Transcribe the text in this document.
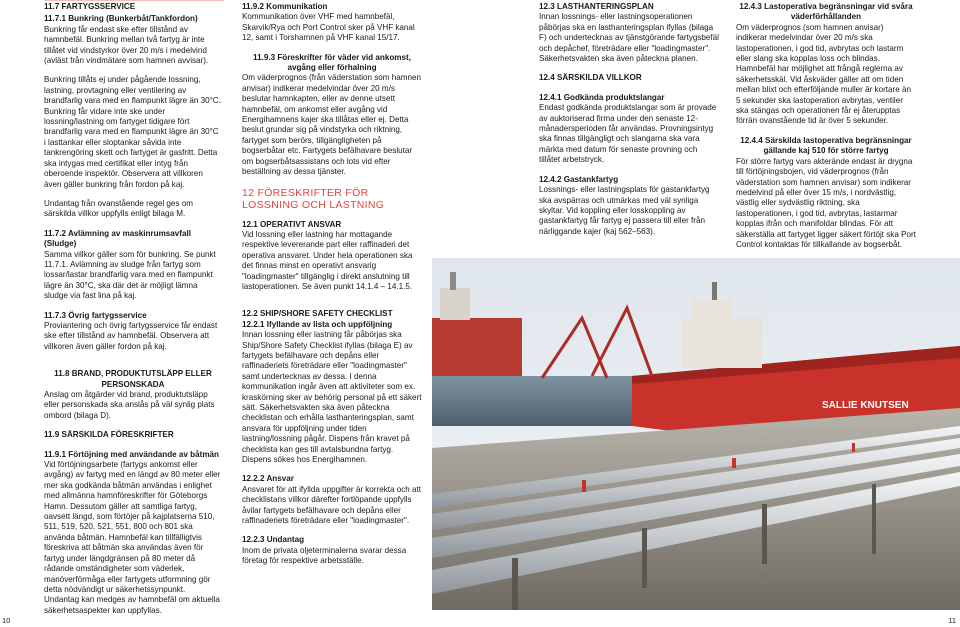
11.7 FARTYGSSERVICE

11.7.1 Bunkring (Bunkerbåt/Tankfordon)

Bunkring får endast ske efter tillstånd av hamnbefäl. Bunkring mellan två fartyg är inte tillåtet vid vindstyrkor över 20 m/s i medelvind (avläst från vindmätare som hamnen avvisar).

Bunkring tillåts ej under pågående lossning, lastning, provtagning eller ventilering av brandfarlig vara med en flampunkt lägre än 30°C. Bunkring får vidare inte ske under lossning/lastning om fartyget tidigare fört brandfarlig vara med en flampunkt lägre än 30°C i lasttankar eller sloptankar såvida inte tankrengöring skett och fartyget är gasfritt. Detta ska intygas med certifikat eller intyg från oberoende inspektör. Observera att villkoren även gäller bunkring från fordon på kaj.

Undantag från ovanstående regel ges om särskilda villkor uppfylls enligt bilaga M.

11.7.2 Avlämning av maskinrumsavfall (Sludge)

Samma villkor gäller som för bunkring. Se punkt 11.7.1. Avlämning av sludge från fartyg som lossar/lastar brandfarlig vara med en flampunkt lägre än 30°C, ska där det är möjligt lämna sludge via fast lina på kaj.

11.7.3 Övrig fartygsservice

Proviantering och övrig fartygsservice får endast ske efter tillstånd av hamnbefäl. Observera att villkoren även gäller fordon på kaj.

11.8 BRAND, PRODUKTUTSLÄPP ELLER PERSONSKADA

Anslag om åtgärder vid brand, produktutsläpp eller personskada ska anslås på väl synlig plats ombord (bilaga D).

11.9 SÄRSKILDA FÖRESKRIFTER

11.9.1 Förtöjning med användande av båtmän

Vid förtöjningsarbete (fartygs ankomst eller avgång) av fartyg med en längd av 80 meter eller mer ska godkända båtmän användas i enlighet med allmänna hamnföreskrifter för Göteborgs Hamn. Dessutom gäller att samtliga fartyg, oavsett längd, som förtöjer på kajplatserna 510, 511, 519, 520, 521, 551, 800 och 801 ska använda båtmän. Hamnbefäl kan tillfälligtvis föreskriva att båtmän ska användas även för fartyg under längdgränsen på 80 meter då rådande omständigheter som väderlek, manöverförmåga eller fartygets utformning gör detta nödvändigt ur säkerhetssynpunkt. Undantag kan medges av hamnbefäl om aktuella säkerhetsaspekter kan uppfyllas.

11.9.2 Kommunikation

Kommunikation över VHF med hamnbefäl, Skarvik/Rya och Port Control sker på VHF kanal 12, samt i Torshamnen på VHF kanal 15/17.

11.9.3 Föreskrifter för väder vid ankomst, avgång eller förhalning

Om väderprognos (från väderstation som hamnen anvisar) indikerar medelvindar över 20 m/s beslutar hamnkapten, eller av denne utsett hamnbefäl, om ankomst eller avgång vid Energihamnens kajer ska tillåtas eller ej. Detta beslut grundar sig på vindstyrka och riktning, fartyget som berörs, tillgängligheten på bogserbåtar etc. Fartygets befälhavare beslutar om bogserbåtsassistans och lots vid efter beställning av dessa tjänster.

12 FÖRESKRIFTER FÖR LOSSNING OCH LASTNING

12.1 OPERATIVT ANSVAR

Vid lossning eller lastning har mottagande respektive levererande part eller raffinaderi det operativa ansvaret. Under hela operationen ska det finnas minst en operativt ansvarig "loadingmaster" tillgänglig i direkt anslutning till lastoperationen. Se även punkt 14.1.4 – 14.1.5.

12.2 SHIP/SHORE SAFETY CHECKLIST

12.2.1 Ifyllande av lista och uppföljning

Innan lossning eller lastning får påbörjas ska Ship/Shore Safety Checklist ifyllas (bilaga E) av fartygets befälhavare och depåns eller raffinaderiets företrädare eller "loadingmaster" samt undertecknas av dessa. I denna kommunikation ingår även att aktiviteter som ex. kraskörning sker av behörig personal på ett säkert sätt. Säkerhetsvakten ska även påteckna checklistan och erhålla lasthanteringsplan, samt ansvara för uppföljning under tiden lastning/lossning pågår. Dispens från kravet på checklista kan ges till avtalsbundna fartyg. Dispens sökes hos Energihamnen.

12.2.2 Ansvar

Ansvaret för att ifyllda uppgifter är korrekta och att checklistans villkor därefter fortlöpande uppfylls åvilar fartygets befälhavare och depåns eller raffinaderiets företrädare eller "loadingmaster".

12.2.3 Undantag

Inom de privata oljeterminalerna svarar dessa företag för respektive arbetsställe.

12.3 LASTHANTERINGSPLAN

Innan lossnings- eller lastningsoperationen påbörjas ska en lasthanteringsplan ifyllas (bilaga F) och undertecknas av tjänstgörande fartygsbefäl och depåchef, företrädare eller "loadingmaster". Säkerhetsvakten ska även påteckna planen.

12.4 SÄRSKILDA VILLKOR

12.4.1 Godkända produktslangar

Endast godkända produktslangar som är provade av auktoriserad firma under den senaste 12-månadersperioden får användas. Provningsintyg ska finnas tillgängligt och slangarna ska vara märkta med datum för senaste provning och tillåtet arbetstryck.

12.4.2 Gastankfartyg

Lossnings- eller lastningsplats för gastankfartyg ska avspärras och utmärkas med väl synliga skyltar. Vid koppling eller losskoppling av gastankfartyg får fartyg ej passera till eller från närliggande kajer (kaj 562–563).

12.4.3 Lastoperativa begränsningar vid svåra väderförhållanden

Om väderprognos (som hamnen anvisar) indikerar medelvindar över 20 m/s ska lastoperationen, i god tid, avbrytas och lastarm eller slang ska kopplas loss och blindas. Hamnbefäl har möjlighet att frångå reglerna av säkerhetsskäl. Vid åskväder gäller att om tiden mellan blixt och efterföljande muller är kortare än 5 sekunder ska lastoperation avbrytas, ventiler ska stängas och operationen får ej återupptas förrän ovanstående tid är över 5 sekunder.

12.4.4 Särskilda lastoperativa begränsningar gällande kaj 510 för större fartyg

För större fartyg vars akterände endast är drygna till förtöjningsbojen, vid väderprognos (från väderstation som hamnen anvisar) som indikerar medelvind på eller över 15 m/s, i nordvästlig, västlig eller sydvästlig riktning, ska lastoperationen, i god tid, avbrytas, lastarmar kopplas ifrån och manifoldar blindas. För att säkerställa att fartyget ligger säkert förtöjt ska Port Control kontaktas för tillkallande av bogserbåt.

SALLIE KNUTSEN
10	11
